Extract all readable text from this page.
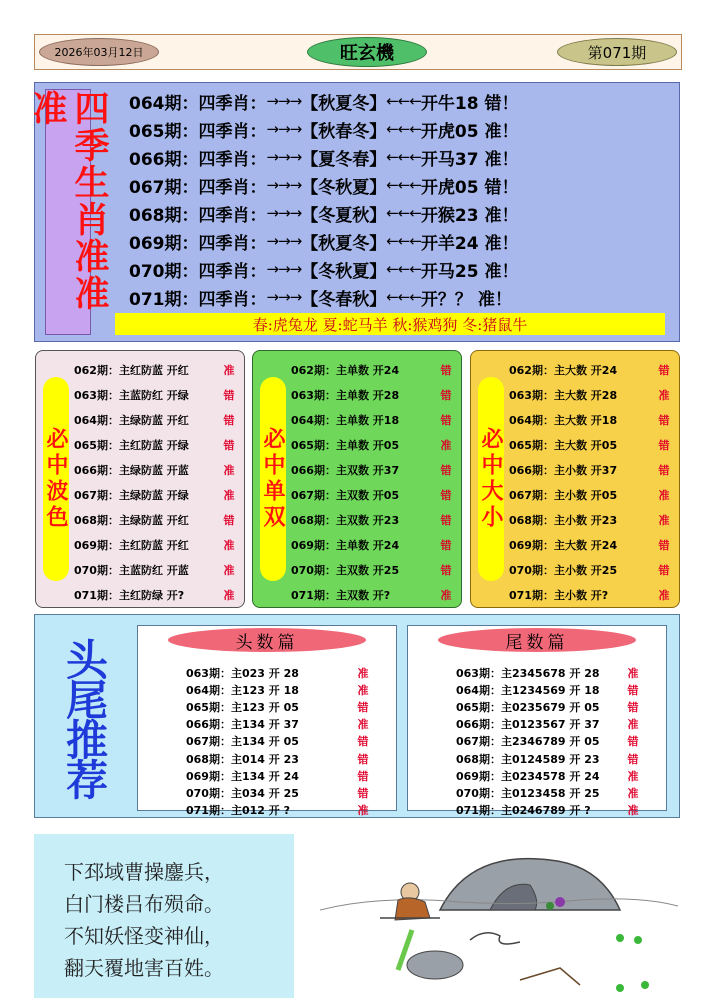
2026年03月12日	旺玄機	第071期
四季生肖准准准	064期：四季肖： →→→ 【秋夏冬】 ←←← 开牛18 错！
065期：四季肖： →→→ 【秋春冬】 ←←← 开虎05 准！
066期：四季肖： →→→ 【夏冬春】 ←←← 开马37 准！
067期：四季肖： →→→ 【冬秋夏】 ←←← 开虎05 错！
068期：四季肖： →→→ 【冬夏秋】 ←←← 开猴23 准！
069期：四季肖： →→→ 【秋夏冬】 ←←← 开羊24 准！
070期：四季肖： →→→ 【冬秋夏】 ←←← 开马25 准！
071期：四季肖： →→→ 【冬春秋】 ←←← 开？？ 准！
春:虎兔龙 夏:蛇马羊 秋:猴鸡狗 冬:猪鼠牛
必中波色
062期：主红防蓝 开红	准
063期：主蓝防红 开绿	错
064期：主绿防蓝 开红	错
065期：主红防蓝 开绿	错
066期：主绿防蓝 开蓝	准
067期：主绿防蓝 开绿	准
068期：主绿防蓝 开红	错
069期：主红防蓝 开红	准
070期：主蓝防红 开蓝	准
071期：主红防绿 开?	准
必中单双
062期：主单数 开24	错
063期：主单数 开28	错
064期：主单数 开18	错
065期：主单数 开05	准
066期：主双数 开37	错
067期：主双数 开05	错
068期：主双数 开23	错
069期：主单数 开24	错
070期：主双数 开25	错
071期：主双数 开?	准
必中大小
062期：主大数 开24	错
063期：主大数 开28	准
064期：主大数 开18	错
065期：主大数 开05	错
066期：主小数 开37	错
067期：主小数 开05	准
068期：主小数 开23	准
069期：主大数 开24	错
070期：主小数 开25	错
071期：主小数 开?	准
头尾推荐	头数篇
063期：主023 开 28	准
064期：主123 开 18	准
065期：主123 开 05	错
066期：主134 开 37	准
067期：主134 开 05	错
068期：主014 开 23	错
069期：主134 开 24	错
070期：主034 开 25	错
071期：主012 开 ?	准
尾数篇
063期：主2345678 开 28	准
064期：主1234569 开 18	错
065期：主0235679 开 05	错
066期：主0123567 开 37	准
067期：主2346789 开 05	错
068期：主0124589 开 23	错
069期：主0234578 开 24	准
070期：主0123458 开 25	准
071期：主0246789 开 ?	准
下邳域曹操鏖兵，
白门楼吕布殒命。
不知妖怪变神仙，
翻天覆地害百姓。
